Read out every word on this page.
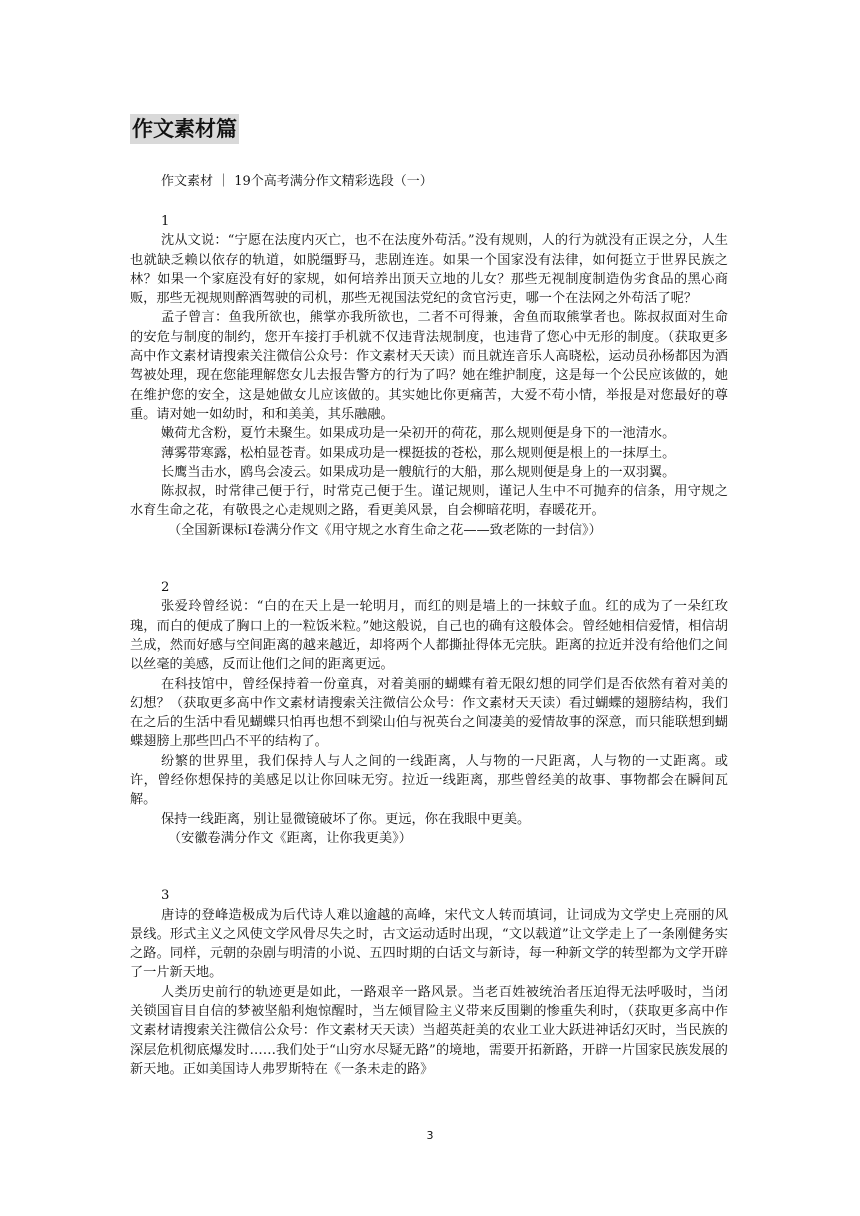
作文素材篇
作文素材 ｜ 19个高考满分作文精彩选段（一）
1
沈从文说：“宁愿在法度内灭亡，也不在法度外苟活。”没有规则，人的行为就没有正误之分，人生也就缺乏赖以依存的轨道，如脱缰野马，悲剧连连。如果一个国家没有法律，如何挺立于世界民族之林？如果一个家庭没有好的家规，如何培养出顶天立地的儿女？那些无视制度制造伪劣食品的黑心商贩，那些无视规则醉酒驾驶的司机，那些无视国法党纪的贪官污吏，哪一个在法网之外苟活了呢？
孟子曾言：鱼我所欲也，熊掌亦我所欲也，二者不可得兼，舍鱼而取熊掌者也。陈叔叔面对生命的安危与制度的制约，您开车接打手机就不仅违背法规制度，也违背了您心中无形的制度。（获取更多高中作文素材请搜索关注微信公众号：作文素材天天读）而且就连音乐人高晓松，运动员孙杨都因为酒驾被处理，现在您能理解您女儿去报告警方的行为了吗？她在维护制度，这是每一个公民应该做的，她在维护您的安全，这是她做女儿应该做的。其实她比你更痛苦，大爱不苟小情，举报是对您最好的尊重。请对她一如幼时，和和美美，其乐融融。
嫩荷尤含粉，夏竹未聚生。如果成功是一朵初开的荷花，那么规则便是身下的一池清水。
薄雾带寒露，松柏显苍青。如果成功是一棵挺拔的苍松，那么规则便是根上的一抹厚土。
长鹰当击水，鸥鸟会凌云。如果成功是一艘航行的大船，那么规则便是身上的一双羽翼。
陈叔叔，时常律己便于行，时常克己便于生。谨记规则，谨记人生中不可抛弃的信条，用守规之水育生命之花，有敬畏之心走规则之路，看更美风景，自会柳暗花明，春暖花开。
（全国新课标Ⅰ卷满分作文《用守规之水育生命之花——致老陈的一封信》）
2
张爱玲曾经说：“白的在天上是一轮明月，而红的则是墙上的一抹蚊子血。红的成为了一朵红玫瑰，而白的便成了胸口上的一粒饭米粒。”她这般说，自己也的确有这般体会。曾经她相信爱情，相信胡兰成，然而好感与空间距离的越来越近，却将两个人都撕扯得体无完肤。距离的拉近并没有给他们之间以丝毫的美感，反而让他们之间的距离更远。
在科技馆中，曾经保持着一份童真，对着美丽的蝴蝶有着无限幻想的同学们是否依然有着对美的幻想？（获取更多高中作文素材请搜索关注微信公众号：作文素材天天读）看过蝴蝶的翅膀结构，我们在之后的生活中看见蝴蝶只怕再也想不到梁山伯与祝英台之间凄美的爱情故事的深意，而只能联想到蝴蝶翅膀上那些凹凸不平的结构了。
纷繁的世界里，我们保持人与人之间的一线距离，人与物的一尺距离，人与物的一丈距离。或许，曾经你想保持的美感足以让你回味无穷。拉近一线距离，那些曾经美的故事、事物都会在瞬间瓦解。
保持一线距离，别让显微镜破坏了你。更远，你在我眼中更美。
（安徽卷满分作文《距离，让你我更美》）
3
唐诗的登峰造极成为后代诗人难以逾越的高峰，宋代文人转而填词，让词成为文学史上亮丽的风景线。形式主义之风使文学风骨尽失之时，古文运动适时出现，“文以载道”让文学走上了一条刚健务实之路。同样，元朝的杂剧与明清的小说、五四时期的白话文与新诗，每一种新文学的转型都为文学开辟了一片新天地。
人类历史前行的轨迹更是如此，一路艰辛一路风景。当老百姓被统治者压迫得无法呼吸时，当闭关锁国盲目自信的梦被坚船利炮惊醒时，当左倾冒险主义带来反围剿的惨重失利时，（获取更多高中作文素材请搜索关注微信公众号：作文素材天天读）当超英赶美的农业工业大跃进神话幻灭时，当民族的深层危机彻底爆发时……我们处于“山穷水尽疑无路”的境地，需要开拓新路，开辟一片国家民族发展的新天地。正如美国诗人弗罗斯特在《一条未走的路》
3
